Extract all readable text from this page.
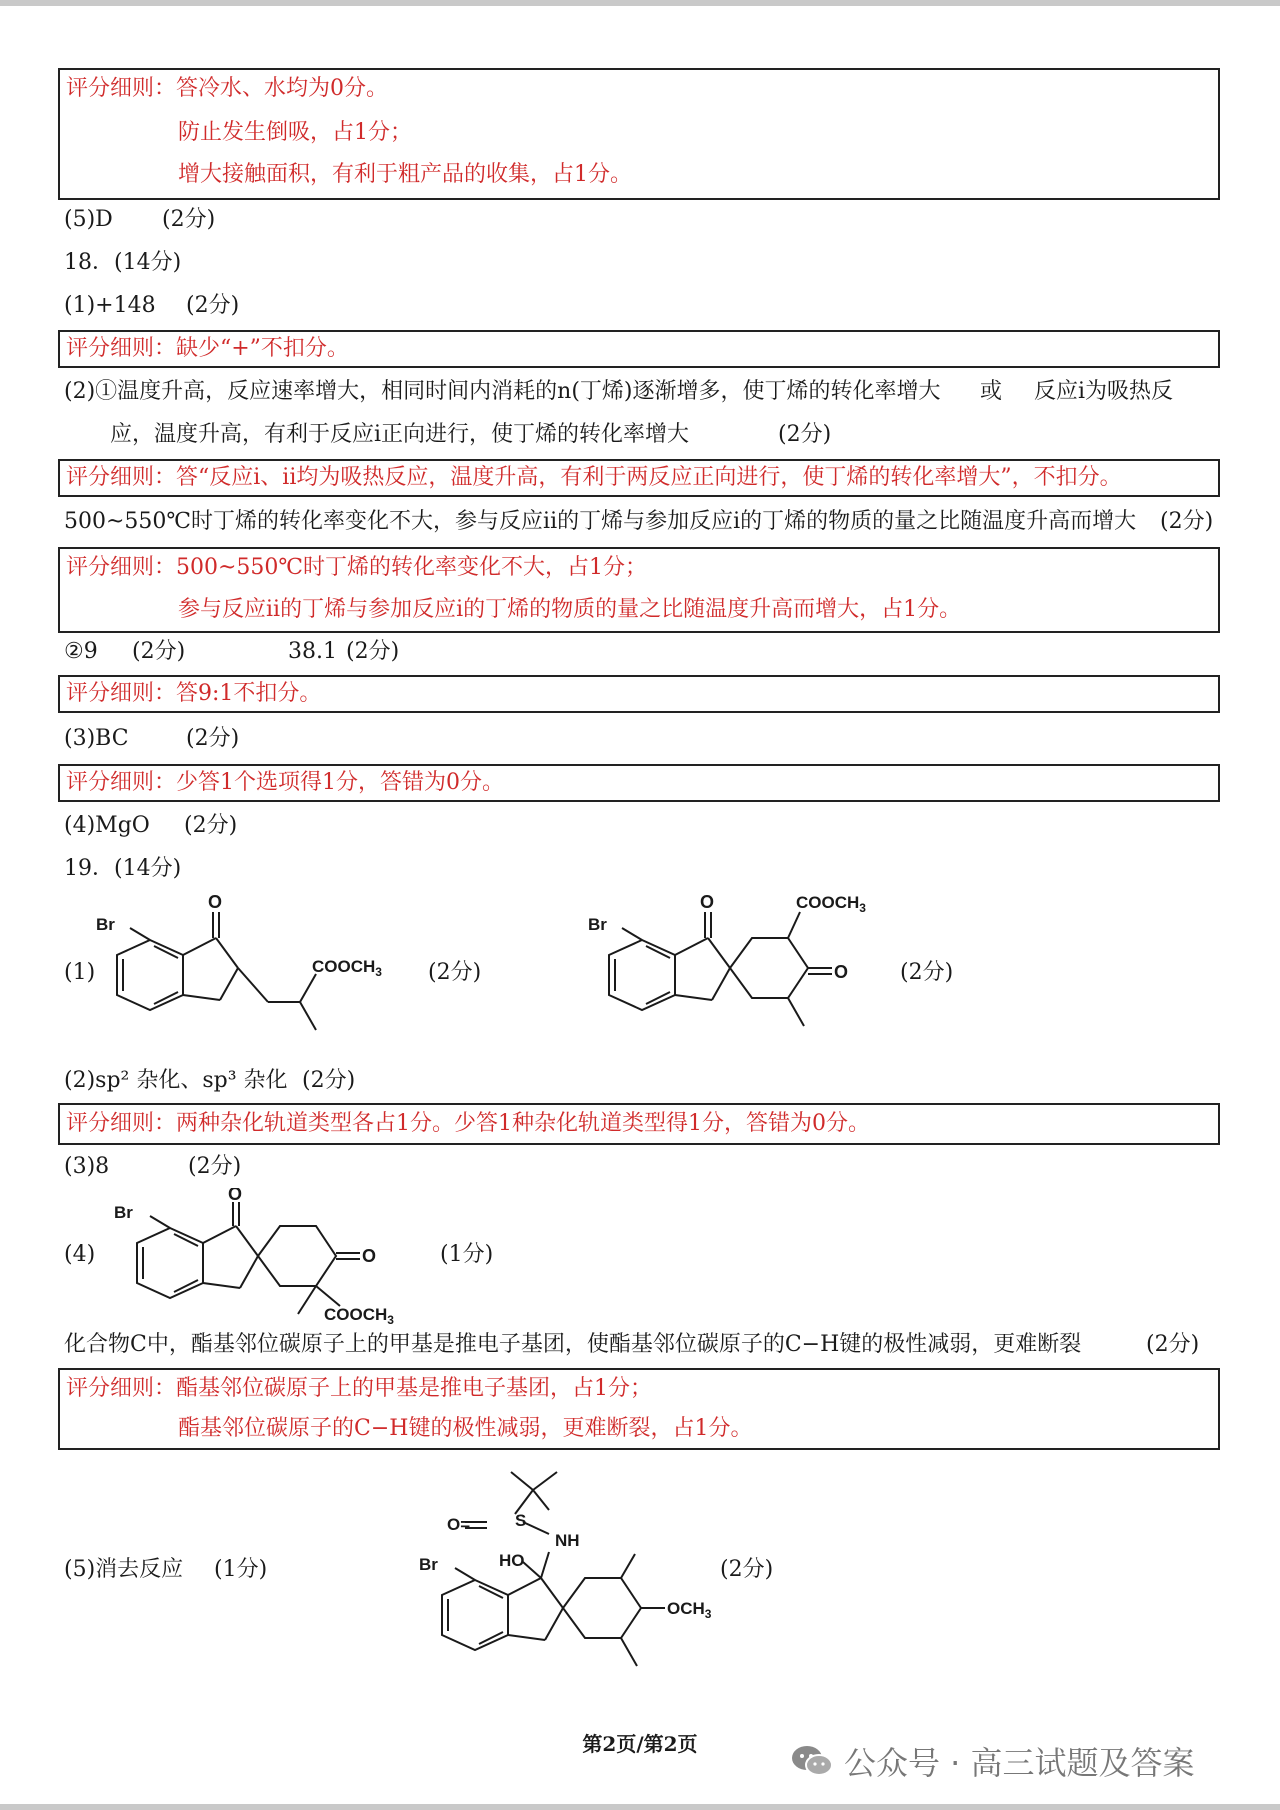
评分细则：答冷水、水均为0分。
防止发生倒吸，占1分；
增大接触面积，有利于粗产品的收集，占1分。
(5)D (2分)
18．(14分)
(1)+148 (2分)
评分细则：缺少“+”不扣分。
(2)①温度升高，反应速率增大，相同时间内消耗的n(丁烯)逐渐增多，使丁烯的转化率增大 或 反应i为吸热反
应，温度升高，有利于反应i正向进行，使丁烯的转化率增大	(2分)
评分细则：答“反应i、ii均为吸热反应，温度升高，有利于两反应正向进行，使丁烯的转化率增大”，不扣分。
500~550℃时丁烯的转化率变化不大，参与反应ii的丁烯与参加反应i的丁烯的物质的量之比随温度升高而增大 (2分)
评分细则：500~550℃时丁烯的转化率变化不大，占1分；
参与反应ii的丁烯与参加反应i的丁烯的物质的量之比随温度升高而增大，占1分。
②9 (2分)	38.1 (2分)
评分细则：答9:1不扣分。
(3)BC	(2分)
评分细则：少答1个选项得1分，答错为0分。
(4)MgO (2分)
19．(14分)
(1)	(2分)	(2分)
O
Br
$COOCH_3$
O
Br
$COOCH_3$
O
(2)sp² 杂化、sp³ 杂化 (2分)
评分细则：两种杂化轨道类型各占1分。少答1种杂化轨道类型得1分，答错为0分。
(3)8	(2分)
(4)	(1分)
O
Br
O
$COOCH_3$
化合物C中，酯基邻位碳原子上的甲基是推电子基团，使酯基邻位碳原子的C−H键的极性减弱，更难断裂	(2分)
评分细则：酯基邻位碳原子上的甲基是推电子基团，占1分；
酯基邻位碳原子的C−H键的极性减弱，更难断裂，占1分。
(5)消去反应 (1分)	(2分)
Br
O=	S
NH
HO
$OCH_3$
第2页/第2页	公众号 · 高三试题及答案
